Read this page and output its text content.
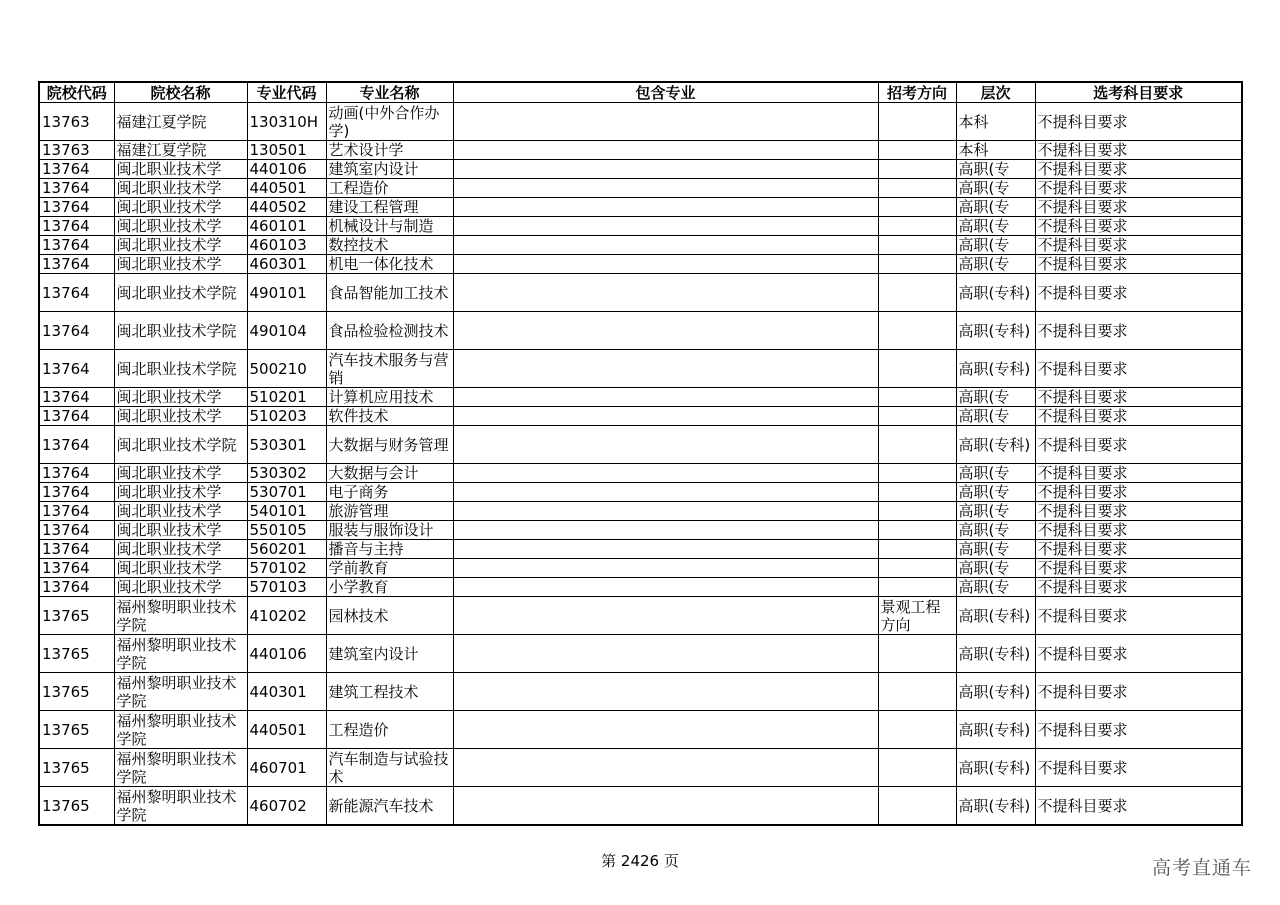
院校代码	院校名称	专业代码	专业名称	包含专业	招考方向	层次	选考科目要求
13763	福建江夏学院	130310H	动画(中外合作办学)			本科	不提科目要求
13763	福建江夏学院	130501	艺术设计学			本科	不提科目要求
13764	闽北职业技术学	440106	建筑室内设计			高职(专	不提科目要求
13764	闽北职业技术学	440501	工程造价			高职(专	不提科目要求
13764	闽北职业技术学	440502	建设工程管理			高职(专	不提科目要求
13764	闽北职业技术学	460101	机械设计与制造			高职(专	不提科目要求
13764	闽北职业技术学	460103	数控技术			高职(专	不提科目要求
13764	闽北职业技术学	460301	机电一体化技术			高职(专	不提科目要求
13764	闽北职业技术学院	490101	食品智能加工技术			高职(专科)	不提科目要求
13764	闽北职业技术学院	490104	食品检验检测技术			高职(专科)	不提科目要求
13764	闽北职业技术学院	500210	汽车技术服务与营销			高职(专科)	不提科目要求
13764	闽北职业技术学	510201	计算机应用技术			高职(专	不提科目要求
13764	闽北职业技术学	510203	软件技术			高职(专	不提科目要求
13764	闽北职业技术学院	530301	大数据与财务管理			高职(专科)	不提科目要求
13764	闽北职业技术学	530302	大数据与会计			高职(专	不提科目要求
13764	闽北职业技术学	530701	电子商务			高职(专	不提科目要求
13764	闽北职业技术学	540101	旅游管理			高职(专	不提科目要求
13764	闽北职业技术学	550105	服装与服饰设计			高职(专	不提科目要求
13764	闽北职业技术学	560201	播音与主持			高职(专	不提科目要求
13764	闽北职业技术学	570102	学前教育			高职(专	不提科目要求
13764	闽北职业技术学	570103	小学教育			高职(专	不提科目要求
13765	福州黎明职业技术学院	410202	园林技术		景观工程方向	高职(专科)	不提科目要求
13765	福州黎明职业技术学院	440106	建筑室内设计			高职(专科)	不提科目要求
13765	福州黎明职业技术学院	440301	建筑工程技术			高职(专科)	不提科目要求
13765	福州黎明职业技术学院	440501	工程造价			高职(专科)	不提科目要求
13765	福州黎明职业技术学院	460701	汽车制造与试验技术			高职(专科)	不提科目要求
13765	福州黎明职业技术学院	460702	新能源汽车技术			高职(专科)	不提科目要求
第 2426 页	高考直通车
